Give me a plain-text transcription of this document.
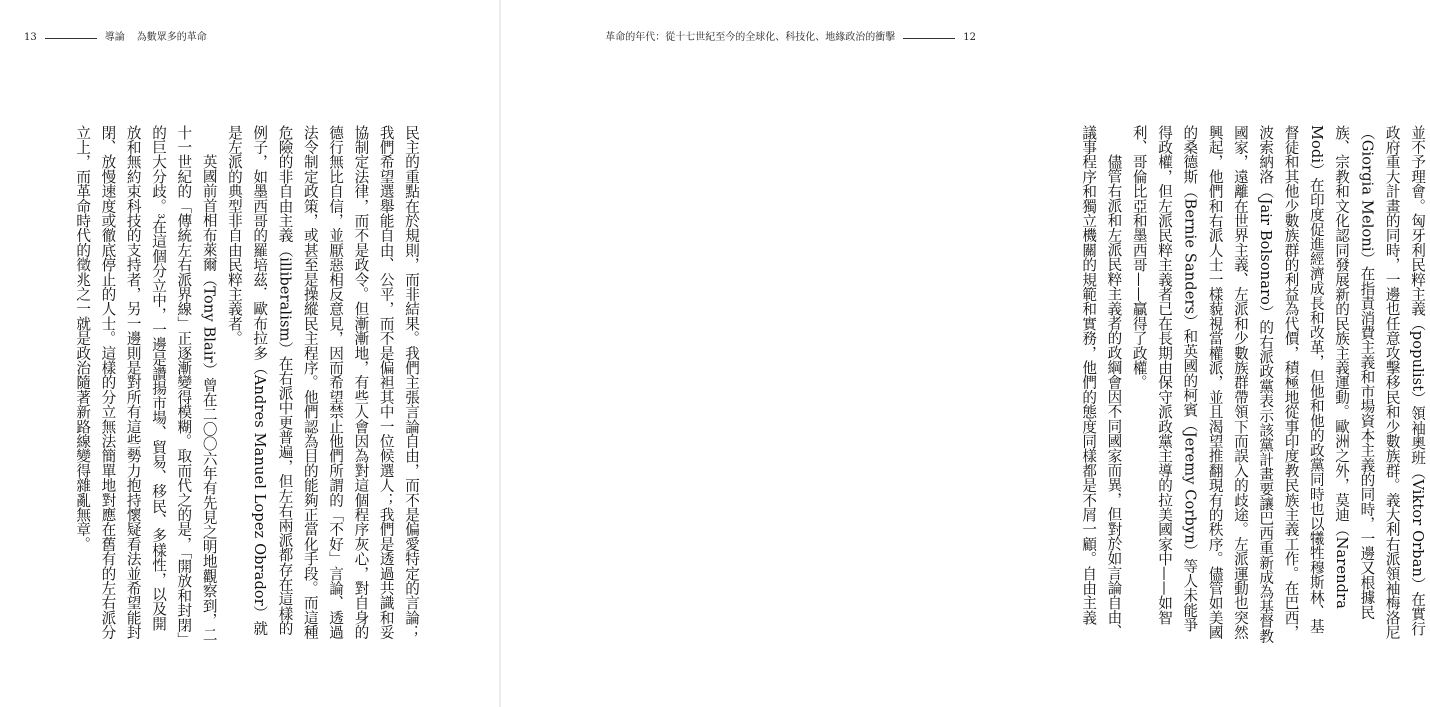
13	導論 為數眾多的革命

民主的重點在於規則，而非結果。我們主張言論自由，而不是偏愛特定的言論；我們希望選舉能自由、公平，而不是偏袒其中一位候選人；我們是透過共識和妥協制定法律，而不是政令。但漸漸地，有些人會因為對這個程序灰心，對自身的德行無比自信，並厭惡相反意見，因而希望禁止他們所謂的「不好」言論、透過法令制定政策，或甚至是操縱民主程序。他們認為目的能夠正當化手段。而這種危險的非自由主義（illiberalism）在右派中更普遍，但左右兩派都存在這樣的例子，如墨西哥的羅培茲．歐布拉多（Andres Manuel Lopez Obrador）就是左派的典型非自由民粹主義者。

英國前首相布萊爾（Tony Blair）曾在二〇〇六年有先見之明地觀察到，二十一世紀的「傳統左右派界線」正逐漸變得模糊。取而代之的是，「開放和封閉」的巨大分歧。³在這個分立中，一邊是讚揚市場、貿易、移民、多樣性，以及開放和無約束科技的支持者，另一邊則是對所有這些勢力抱持懷疑看法並希望能封閉、放慢速度或徹底停止的人士。這樣的分立無法簡單地對應在舊有的左右派分立上，而革命時代的徵兆之一就是政治隨著新路線變得雜亂無章。

革命的年代：從十七世紀至今的全球化、科技化、地緣政治的衝擊	12

並不予理會。匈牙利民粹主義（populist）領袖奧班（Viktor Orban）在實行政府重大計畫的同時，一邊也任意攻擊移民和少數族群。義大利右派領袖梅洛尼（Giorgia Meloni）在指責消費主義和市場資本主義的同時，一邊又根據民族、宗教和文化認同發展新的民族主義運動。歐洲之外，莫迪（Narendra Modi）在印度促進經濟成長和改革，但他和他的政黨同時也以犧牲穆斯林、基督徒和其他少數族群的利益為代價，積極地從事印度教民族主義工作。在巴西，波索納洛（Jair Bolsonaro）的右派政黨表示該黨計畫要讓巴西重新成為基督教國家，遠離在世界主義、左派和少數族群帶領下而誤入的歧途。左派運動也突然興起，他們和右派人士一樣藐視當權派，並且渴望推翻現有的秩序。儘管如美國的桑德斯（Bernie Sanders）和英國的柯賓（Jeremy Corbyn）等人未能爭得政權，但左派民粹主義者已在長期由保守派政黨主導的拉美國家中——如智利、哥倫比亞和墨西哥——贏得了政權。

儘管右派和左派民粹主義者的政綱會因不同國家而異，但對於如言論自由、議事程序和獨立機關的規範和實務，他們的態度同樣都是不屑一顧。自由主義
